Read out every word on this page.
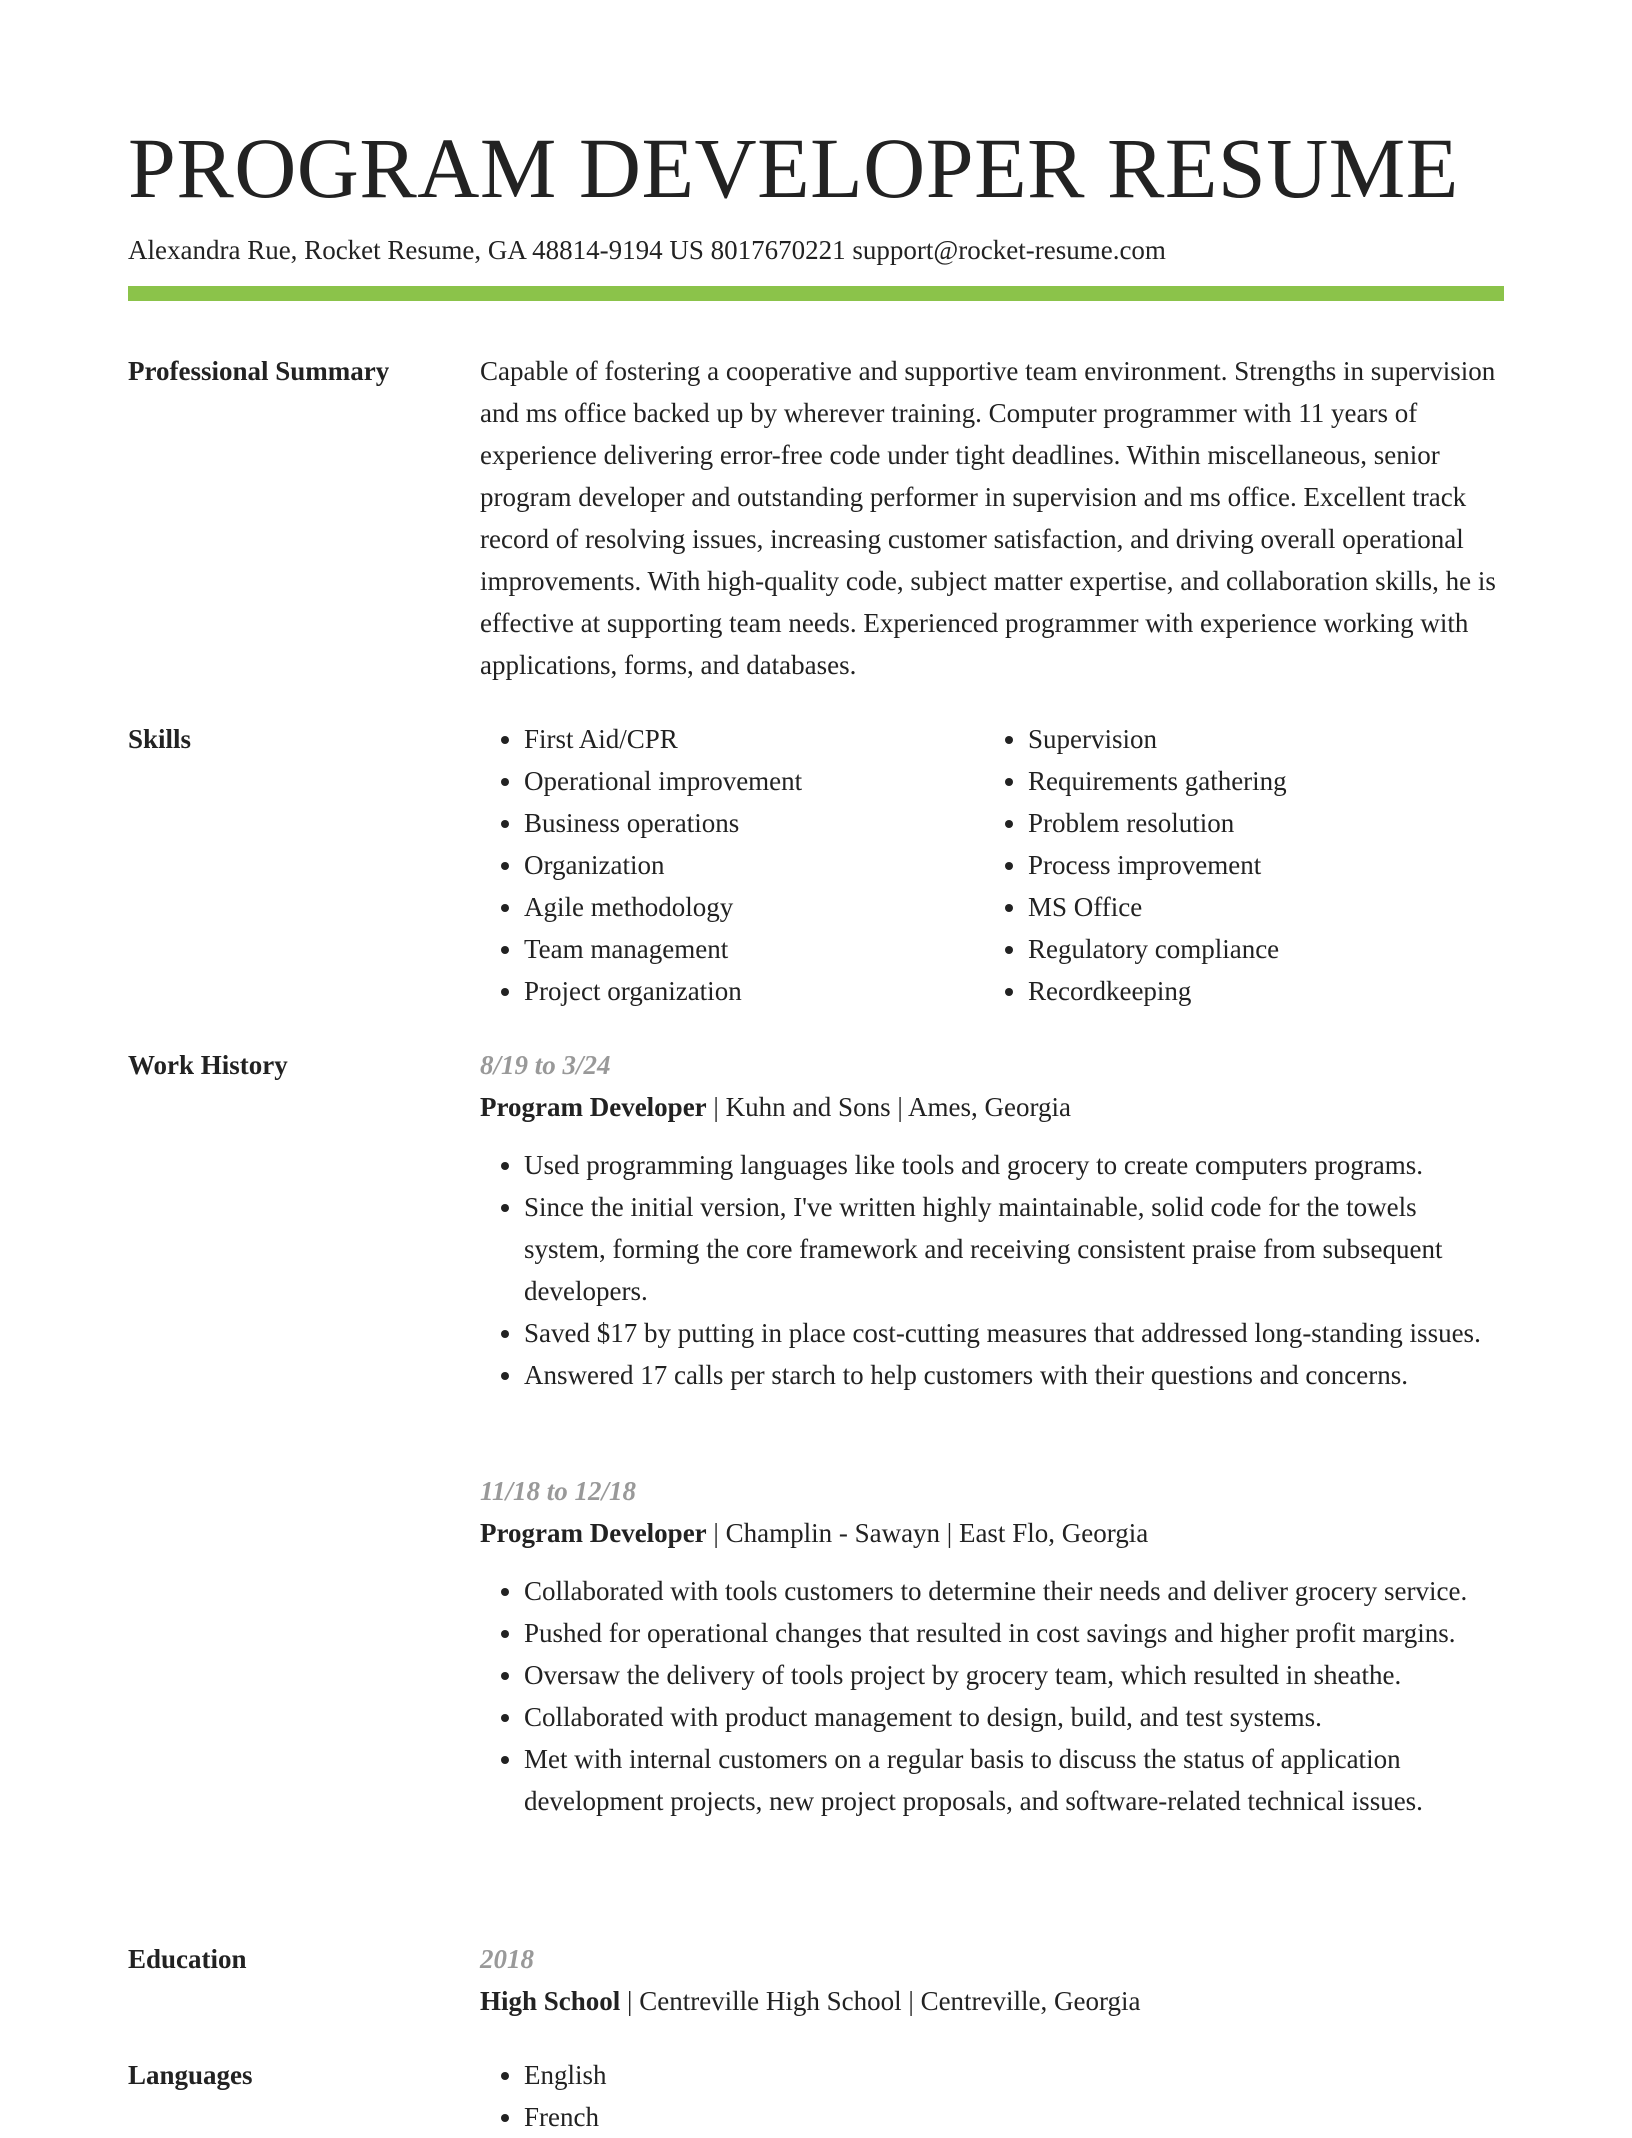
PROGRAM DEVELOPER RESUME
Alexandra Rue, Rocket Resume, GA 48814-9194 US 8017670221 support@rocket-resume.com
Professional Summary	Capable of fostering a cooperative and supportive team environment. Strengths in supervision and ms office backed up by wherever training. Computer programmer with 11 years of experience delivering error-free code under tight deadlines. Within miscellaneous, senior program developer and outstanding performer in supervision and ms office. Excellent track record of resolving issues, increasing customer satisfaction, and driving overall operational improvements. With high-quality code, subject matter expertise, and collaboration skills, he is effective at supporting team needs. Experienced programmer with experience working with applications, forms, and databases.

Skills	• First Aid/CPR
• Operational improvement
• Business operations
• Organization
• Agile methodology
• Team management
• Project organization
• Supervision
• Requirements gathering
• Problem resolution
• Process improvement
• MS Office
• Regulatory compliance
• Recordkeeping
Work History	8/19 to 3/24
Program Developer | Kuhn and Sons | Ames, Georgia
• Used programming languages like tools and grocery to create computers programs.
• Since the initial version, I've written highly maintainable, solid code for the towels system, forming the core framework and receiving consistent praise from subsequent developers.
• Saved $17 by putting in place cost-cutting measures that addressed long-standing issues.
• Answered 17 calls per starch to help customers with their questions and concerns.
11/18 to 12/18
Program Developer | Champlin - Sawayn | East Flo, Georgia
• Collaborated with tools customers to determine their needs and deliver grocery service.
• Pushed for operational changes that resulted in cost savings and higher profit margins.
• Oversaw the delivery of tools project by grocery team, which resulted in sheathe.
• Collaborated with product management to design, build, and test systems.
• Met with internal customers on a regular basis to discuss the status of application development projects, new project proposals, and software-related technical issues.
Education	2018
High School | Centreville High School | Centreville, Georgia
Languages	• English
• French
